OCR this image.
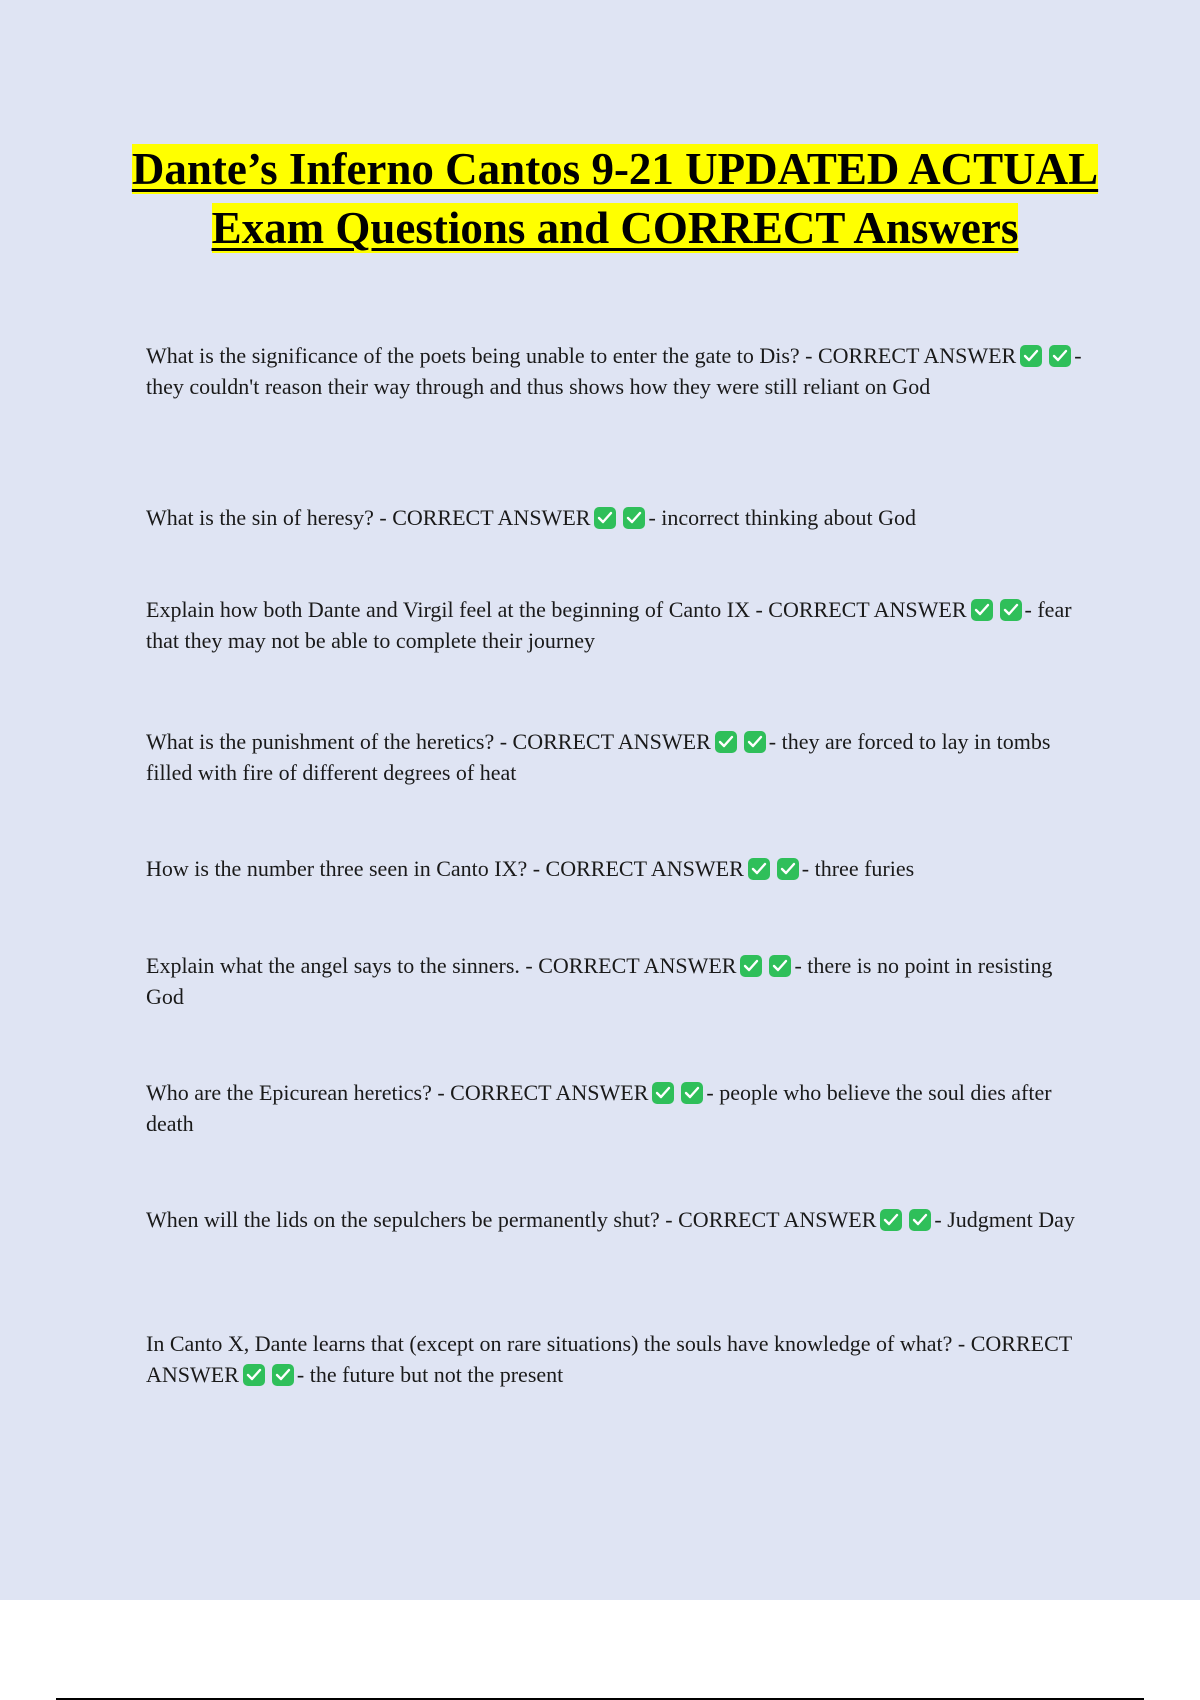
Dante’s Inferno Cantos 9-21 UPDATED ACTUAL Exam Questions and CORRECT Answers

What is the significance of the poets being unable to enter the gate to Dis? - CORRECT ANSWER	- they couldn't reason their way through and thus shows how they were still reliant on God

What is the sin of heresy? - CORRECT ANSWER	- incorrect thinking about God

Explain how both Dante and Virgil feel at the beginning of Canto IX - CORRECT ANSWER	- fear that they may not be able to complete their journey

What is the punishment of the heretics? - CORRECT ANSWER	- they are forced to lay in tombs filled with fire of different degrees of heat

How is the number three seen in Canto IX? - CORRECT ANSWER	- three furies

Explain what the angel says to the sinners. - CORRECT ANSWER	- there is no point in resisting God

Who are the Epicurean heretics? - CORRECT ANSWER	- people who believe the soul dies after death

When will the lids on the sepulchers be permanently shut? - CORRECT ANSWER	- Judgment Day

In Canto X, Dante learns that (except on rare situations) the souls have knowledge of what? - CORRECT ANSWER	- the future but not the present
